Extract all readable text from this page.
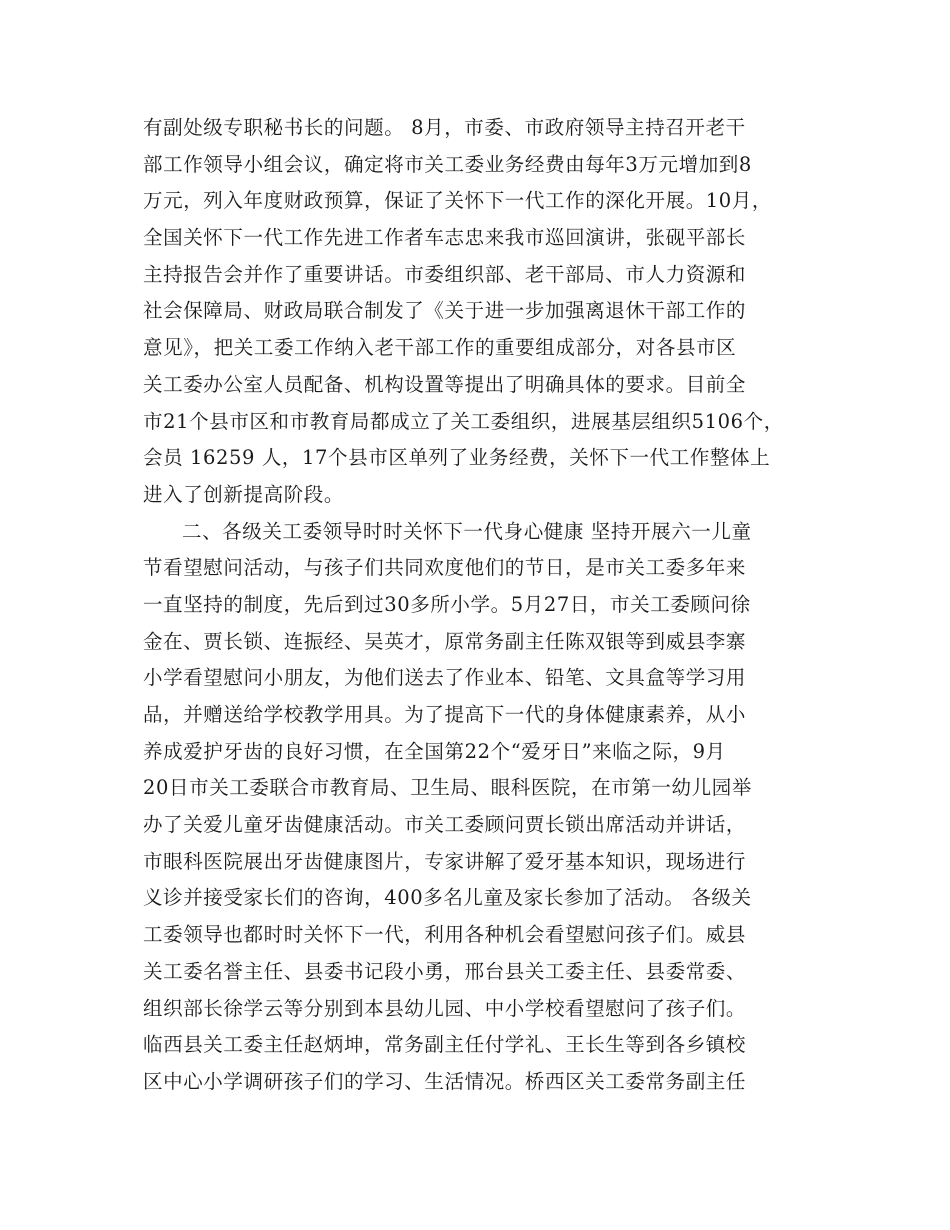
有副处级专职秘书长的问题。 8月，市委、市政府领导主持召开老干
部工作领导小组会议，确定将市关工委业务经费由每年3万元增加到8
万元，列入年度财政预算，保证了关怀下一代工作的深化开展。10月，
全国关怀下一代工作先进工作者车志忠来我市巡回演讲，张砚平部长
主持报告会并作了重要讲话。市委组织部、老干部局、市人力资源和
社会保障局、财政局联合制发了《关于进一步加强离退休干部工作的
意见》，把关工委工作纳入老干部工作的重要组成部分，对各县市区
关工委办公室人员配备、机构设置等提出了明确具体的要求。目前全
市21个县市区和市教育局都成立了关工委组织，进展基层组织5106个，
会员 16259 人，17个县市区单列了业务经费，关怀下一代工作整体上
进入了创新提高阶段。
二、各级关工委领导时时关怀下一代身心健康 坚持开展六一儿童
节看望慰问活动，与孩子们共同欢度他们的节日，是市关工委多年来
一直坚持的制度，先后到过30多所小学。5月27日，市关工委顾问徐
金在、贾长锁、连振经、吴英才，原常务副主任陈双银等到威县李寨
小学看望慰问小朋友，为他们送去了作业本、铅笔、文具盒等学习用
品，并赠送给学校教学用具。为了提高下一代的身体健康素养，从小
养成爱护牙齿的良好习惯，在全国第22个“爱牙日”来临之际，9月
20日市关工委联合市教育局、卫生局、眼科医院，在市第一幼儿园举
办了关爱儿童牙齿健康活动。市关工委顾问贾长锁出席活动并讲话，
市眼科医院展出牙齿健康图片，专家讲解了爱牙基本知识，现场进行
义诊并接受家长们的咨询，400多名儿童及家长参加了活动。 各级关
工委领导也都时时关怀下一代，利用各种机会看望慰问孩子们。威县
关工委名誉主任、县委书记段小勇，邢台县关工委主任、县委常委、
组织部长徐学云等分别到本县幼儿园、中小学校看望慰问了孩子们。
临西县关工委主任赵炳坤，常务副主任付学礼、王长生等到各乡镇校
区中心小学调研孩子们的学习、生活情况。桥西区关工委常务副主任
